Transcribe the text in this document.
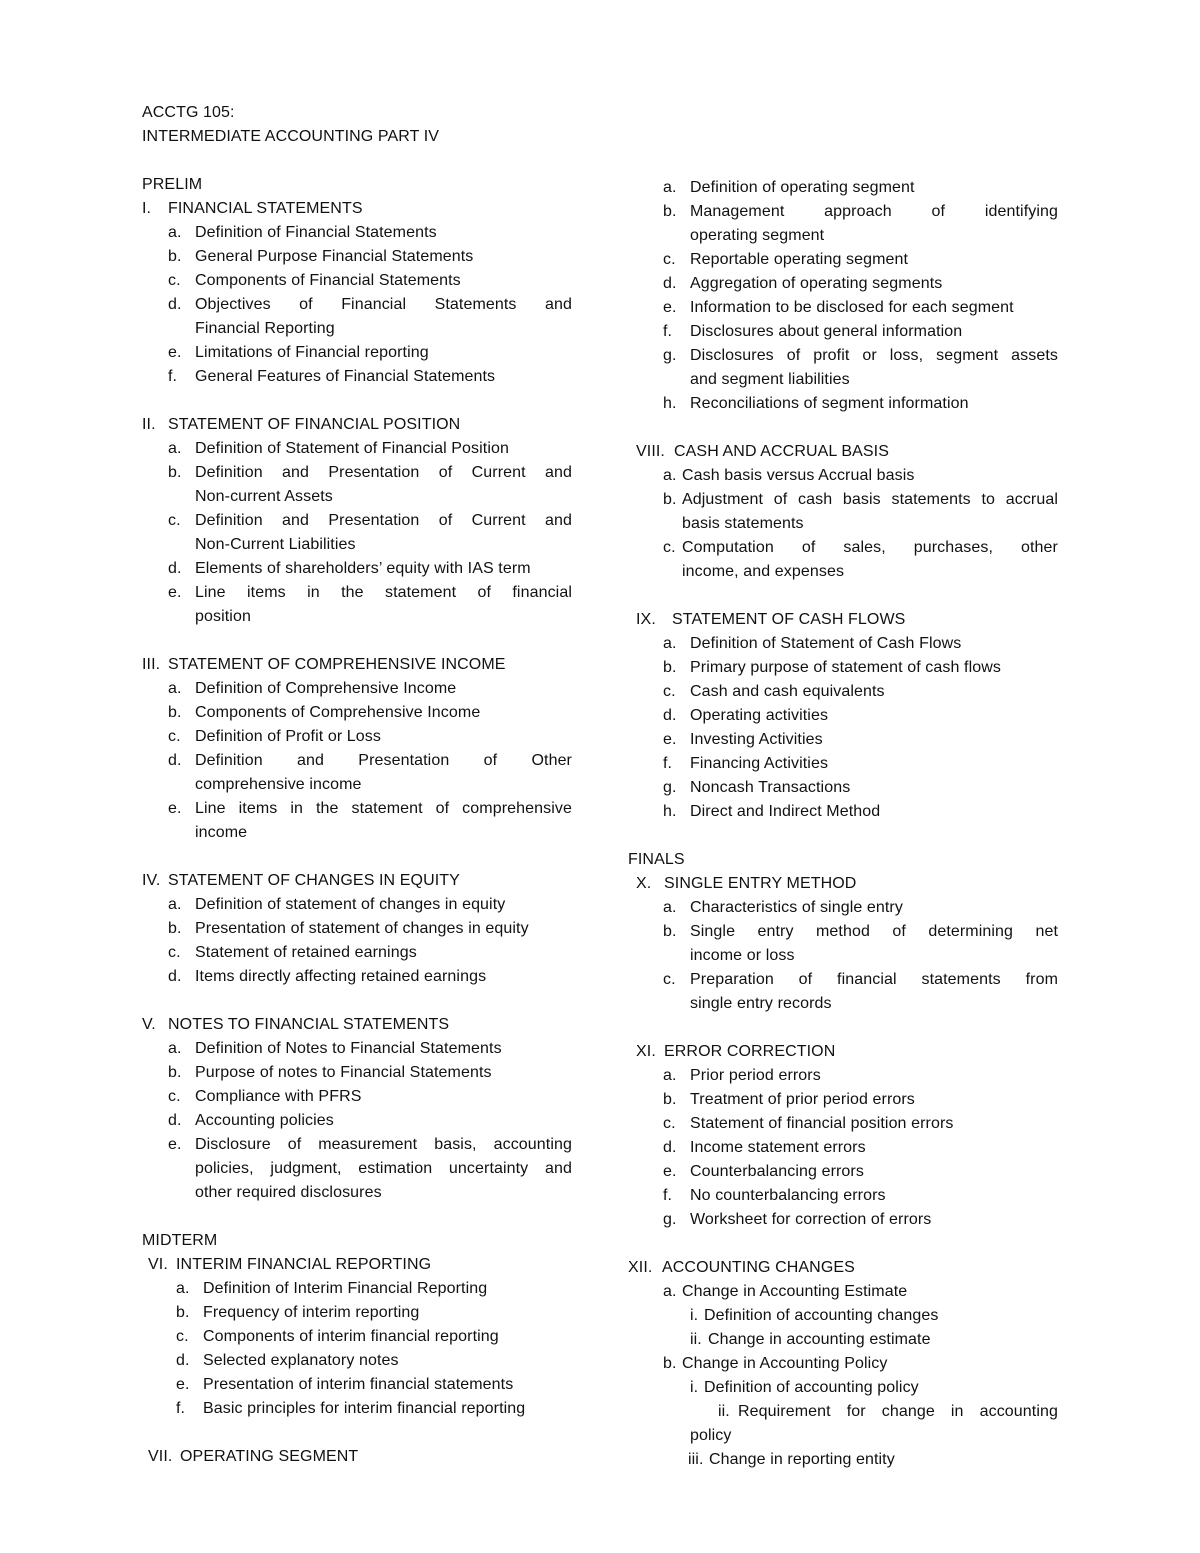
ACCTG 105:
INTERMEDIATE ACCOUNTING PART IV
PRELIM
I. FINANCIAL STATEMENTS
a. Definition of Financial Statements
b. General Purpose Financial Statements
c. Components of Financial Statements
d. Objectives of Financial Statements and
Financial Reporting
e. Limitations of Financial reporting
f. General Features of Financial Statements
II. STATEMENT OF FINANCIAL POSITION
a. Definition of Statement of Financial Position
b. Definition and Presentation of Current and
Non-current Assets
c. Definition and Presentation of Current and
Non-Current Liabilities
d. Elements of shareholders’ equity with IAS term
e. Line items in the statement of financial
position
III. STATEMENT OF COMPREHENSIVE INCOME
a. Definition of Comprehensive Income
b. Components of Comprehensive Income
c. Definition of Profit or Loss
d. Definition and Presentation of Other
comprehensive income
e. Line items in the statement of comprehensive
income
IV. STATEMENT OF CHANGES IN EQUITY
a. Definition of statement of changes in equity
b. Presentation of statement of changes in equity
c. Statement of retained earnings
d. Items directly affecting retained earnings
V. NOTES TO FINANCIAL STATEMENTS
a. Definition of Notes to Financial Statements
b. Purpose of notes to Financial Statements
c. Compliance with PFRS
d. Accounting policies
e. Disclosure of measurement basis, accounting
policies, judgment, estimation uncertainty and
other required disclosures
MIDTERM
VI. INTERIM FINANCIAL REPORTING
a. Definition of Interim Financial Reporting
b. Frequency of interim reporting
c. Components of interim financial reporting
d. Selected explanatory notes
e. Presentation of interim financial statements
f. Basic principles for interim financial reporting
VII. OPERATING SEGMENT
a. Definition of operating segment
b. Management approach of identifying
operating segment
c. Reportable operating segment
d. Aggregation of operating segments
e. Information to be disclosed for each segment
f. Disclosures about general information
g. Disclosures of profit or loss, segment assets
and segment liabilities
h. Reconciliations of segment information
VIII. CASH AND ACCRUAL BASIS
a. Cash basis versus Accrual basis
b. Adjustment of cash basis statements to accrual
basis statements
c. Computation of sales, purchases, other
income, and expenses
IX. STATEMENT OF CASH FLOWS
a. Definition of Statement of Cash Flows
b. Primary purpose of statement of cash flows
c. Cash and cash equivalents
d. Operating activities
e. Investing Activities
f. Financing Activities
g. Noncash Transactions
h. Direct and Indirect Method
FINALS
X. SINGLE ENTRY METHOD
a. Characteristics of single entry
b. Single entry method of determining net
income or loss
c. Preparation of financial statements from
single entry records
XI. ERROR CORRECTION
a. Prior period errors
b. Treatment of prior period errors
c. Statement of financial position errors
d. Income statement errors
e. Counterbalancing errors
f. No counterbalancing errors
g. Worksheet for correction of errors
XII. ACCOUNTING CHANGES
a. Change in Accounting Estimate
i. Definition of accounting changes
ii. Change in accounting estimate
b. Change in Accounting Policy
i. Definition of accounting policy
ii. Requirement for change in accounting
policy
iii. Change in reporting entity
